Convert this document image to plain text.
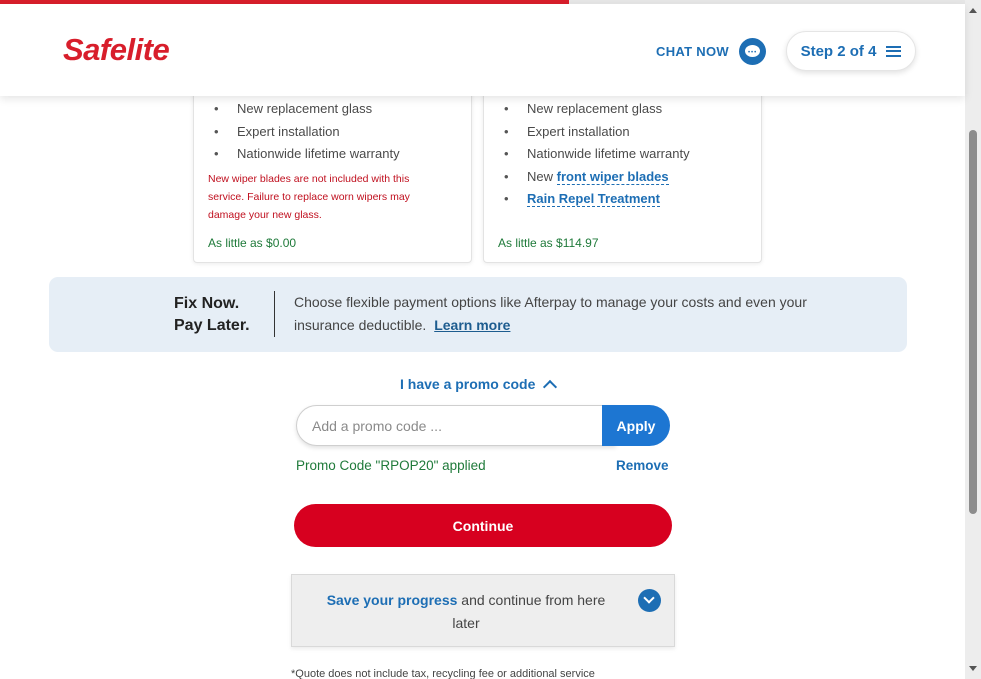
Safelite	CHAT NOW	•••	Step 2 of 4
• New replacement glass
• Expert installation
• Nationwide lifetime warranty
New wiper blades are not included with this service. Failure to replace worn wipers may damage your new glass.
As little as $0.00
• New replacement glass
• Expert installation
• Nationwide lifetime warranty
• New front wiper blades
• Rain Repel Treatment
As little as $114.97
Fix Now.
Pay Later.
Choose flexible payment options like Afterpay to manage your costs and even your insurance deductible. Learn more
I have a promo code
Add a promo code ...
Apply
Promo Code "RPOP20" applied	Remove
Continue
Save your progress and continue from here later
*Quote does not include tax, recycling fee or additional service
